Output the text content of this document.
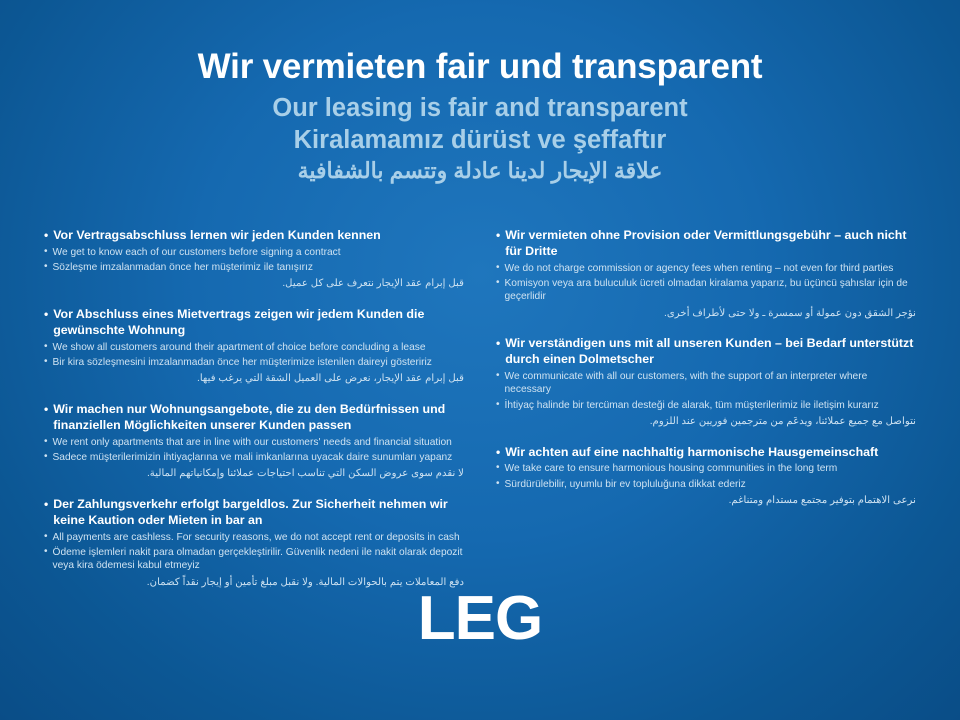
Wir vermieten fair und transparent
Our leasing is fair and transparent
Kiralamamız dürüst ve şeffaftır
علاقة الإيجار لدينا عادلة وتتسم بالشفافية
• Vor Vertragsabschluss lernen wir jeden Kunden kennen
• We get to know each of our customers before signing a contract
• Sözleşme imzalanmadan önce her müşterimiz ile tanışırız
قبل إبرام عقد الإيجار نتعرف على كل عميل.
• Vor Abschluss eines Mietvertrags zeigen wir jedem Kunden die gewünschte Wohnung
• We show all customers around their apartment of choice before concluding a lease
• Bir kira sözleşmesini imzalanmadan önce her müşterimize istenilen daireyi gösteririz
قبل إبرام عقد الإيجار، نعرض على العميل الشقة التي يرغب فيها.
• Wir machen nur Wohnungsangebote, die zu den Bedürfnissen und finanziellen Möglichkeiten unserer Kunden passen
• We rent only apartments that are in line with our customers' needs and financial situation
• Sadece müşterilerimizin ihtiyaçlarına ve mali imkanlarına uyacak daire sunumları yapanz
لا نقدم سوى عروض السكن التي تناسب احتياجات عملائنا وإمكانياتهم المالية.
• Der Zahlungsverkehr erfolgt bargeldlos. Zur Sicherheit nehmen wir keine Kaution oder Mieten in bar an
• All payments are cashless. For security reasons, we do not accept rent or deposits in cash
• Ödeme işlemleri nakit para olmadan gerçekleştirilir. Güvenlik nedeni ile nakit olarak depozit veya kira ödemesi kabul etmeyiz
دفع المعاملات يتم بالحوالات المالية. ولا نقبل مبلغ تأمين أو إيجار نقداً كضمان.
• Wir vermieten ohne Provision oder Vermittlungsgebühr – auch nicht für Dritte
• We do not charge commission or agency fees when renting – not even for third parties
• Komisyon veya ara buluculuk ücreti olmadan kiralama yaparız, bu üçüncü şahıslar için de geçerlidir
نؤجر الشقق دون عمولة أو سمسرة ـ ولا حتى لأطراف أخرى.
• Wir verständigen uns mit all unseren Kunden – bei Bedarf unterstützt durch einen Dolmetscher
• We communicate with all our customers, with the support of an interpreter where necessary
• İhtiyaç halinde bir tercüman desteği de alarak, tüm müşterilerimiz ile iletişim kurarız
نتواصل مع جميع عملائنا، ويدعَم من مترجمين فوريين عند اللزوم.
• Wir achten auf eine nachhaltig harmonische Hausgemeinschaft
• We take care to ensure harmonious housing communities in the long term
• Sürdürülebilir, uyumlu bir ev topluluğuna dikkat ederiz
نرعى الاهتمام بتوفير مجتمع مستدام ومتناغم.
LEG
